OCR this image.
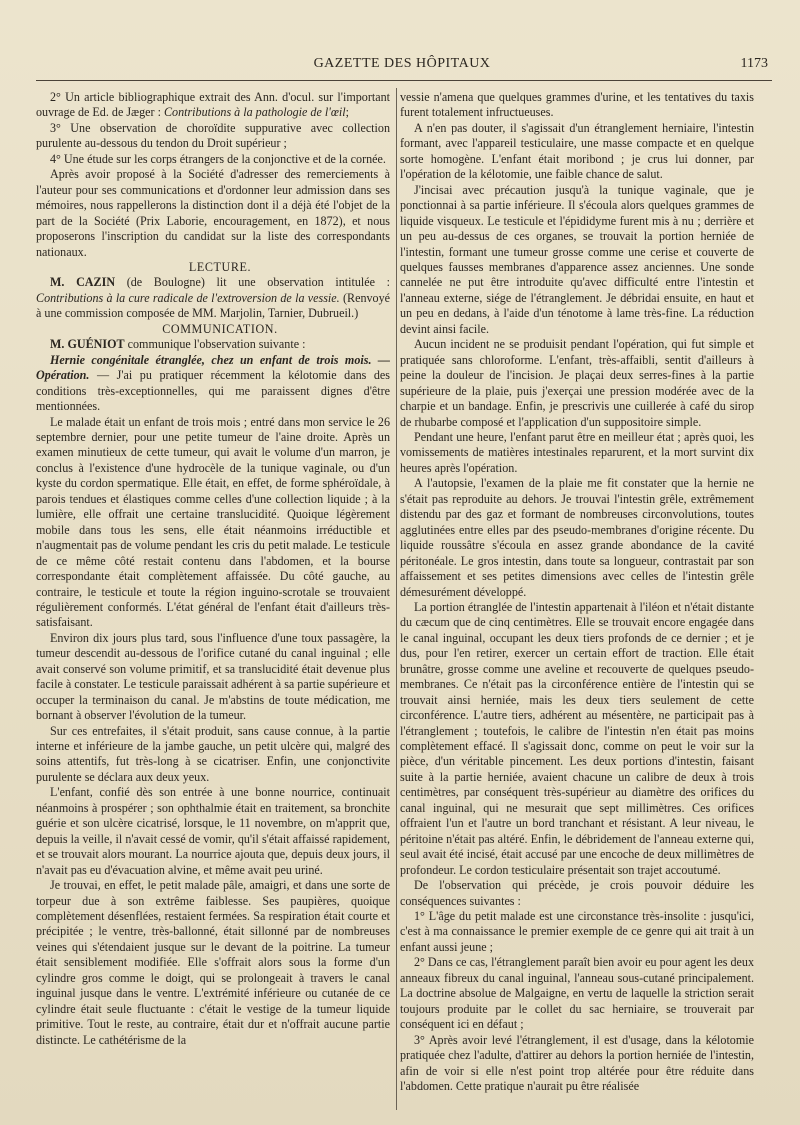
GAZETTE DES HÔPITAUX	1173

2° Un article bibliographique extrait des Ann. d'ocul. sur l'important ouvrage de Ed. de Jæger : Contributions à la pathologie de l'œil;

3° Une observation de choroïdite suppurative avec collection purulente au-dessous du tendon du Droit supérieur ;

4° Une étude sur les corps étrangers de la conjonctive et de la cornée.

Après avoir proposé à la Société d'adresser des remerciements à l'auteur pour ses communications et d'ordonner leur admission dans ses mémoires, nous rappellerons la distinction dont il a déjà été l'objet de la part de la Société (Prix Laborie, encouragement, en 1872), et nous proposerons l'inscription du candidat sur la liste des correspondants nationaux.

LECTURE.

M. CAZIN (de Boulogne) lit une observation intitulée : Contributions à la cure radicale de l'extroversion de la vessie. (Renvoyé à une commission composée de MM. Marjolin, Tarnier, Dubrueil.)

COMMUNICATION.

M. GUÉNIOT communique l'observation suivante :

Hernie congénitale étranglée, chez un enfant de trois mois. — Opération. — J'ai pu pratiquer récemment la kélotomie dans des conditions très-exceptionnelles, qui me paraissent dignes d'être mentionnées.

Le malade était un enfant de trois mois ; entré dans mon service le 26 septembre dernier, pour une petite tumeur de l'aine droite. Après un examen minutieux de cette tumeur, qui avait le volume d'un marron, je conclus à l'existence d'une hydrocèle de la tunique vaginale, ou d'un kyste du cordon spermatique. Elle était, en effet, de forme sphéroïdale, à parois tendues et élastiques comme celles d'une collection liquide ; à la lumière, elle offrait une certaine translucidité. Quoique légèrement mobile dans tous les sens, elle était néanmoins irréductible et n'augmentait pas de volume pendant les cris du petit malade. Le testicule de ce même côté restait contenu dans l'abdomen, et la bourse correspondante était complètement affaissée. Du côté gauche, au contraire, le testicule et toute la région inguino-scrotale se trouvaient régulièrement conformés. L'état général de l'enfant était d'ailleurs très-satisfaisant.

Environ dix jours plus tard, sous l'influence d'une toux passagère, la tumeur descendit au-dessous de l'orifice cutané du canal inguinal ; elle avait conservé son volume primitif, et sa translucidité était devenue plus facile à constater. Le testicule paraissait adhérent à sa partie supérieure et occuper la terminaison du canal. Je m'abstins de toute médication, me bornant à observer l'évolution de la tumeur.

Sur ces entrefaites, il s'était produit, sans cause connue, à la partie interne et inférieure de la jambe gauche, un petit ulcère qui, malgré des soins attentifs, fut très-long à se cicatriser. Enfin, une conjonctivite purulente se déclara aux deux yeux.

L'enfant, confié dès son entrée à une bonne nourrice, continuait néanmoins à prospérer ; son ophthalmie était en traitement, sa bronchite guérie et son ulcère cicatrisé, lorsque, le 11 novembre, on m'apprit que, depuis la veille, il n'avait cessé de vomir, qu'il s'était affaissé rapidement, et se trouvait alors mourant. La nourrice ajouta que, depuis deux jours, il n'avait pas eu d'évacuation alvine, et même avait peu uriné.

Je trouvai, en effet, le petit malade pâle, amaigri, et dans une sorte de torpeur due à son extrême faiblesse. Ses paupières, quoique complètement désenflées, restaient fermées. Sa respiration était courte et précipitée ; le ventre, très-ballonné, était sillonné par de nombreuses veines qui s'étendaient jusque sur le devant de la poitrine. La tumeur était sensiblement modifiée. Elle s'offrait alors sous la forme d'un cylindre gros comme le doigt, qui se prolongeait à travers le canal inguinal jusque dans le ventre. L'extrémité inférieure ou cutanée de ce cylindre était seule fluctuante : c'était le vestige de la tumeur liquide primitive. Tout le reste, au contraire, était dur et n'offrait aucune partie distincte. Le cathétérisme de la

vessie n'amena que quelques grammes d'urine, et les tentatives du taxis furent totalement infructueuses.

A n'en pas douter, il s'agissait d'un étranglement herniaire, l'intestin formant, avec l'appareil testiculaire, une masse compacte et en quelque sorte homogène. L'enfant était moribond ; je crus lui donner, par l'opération de la kélotomie, une faible chance de salut.

J'incisai avec précaution jusqu'à la tunique vaginale, que je ponctionnai à sa partie inférieure. Il s'écoula alors quelques grammes de liquide visqueux. Le testicule et l'épididyme furent mis à nu ; derrière et un peu au-dessus de ces organes, se trouvait la portion herniée de l'intestin, formant une tumeur grosse comme une cerise et couverte de quelques fausses membranes d'apparence assez anciennes. Une sonde cannelée ne put être introduite qu'avec difficulté entre l'intestin et l'anneau externe, siége de l'étranglement. Je débridai ensuite, en haut et un peu en dedans, à l'aide d'un ténotome à lame très-fine. La réduction devint ainsi facile.

Aucun incident ne se produisit pendant l'opération, qui fut simple et pratiquée sans chloroforme. L'enfant, très-affaibli, sentit d'ailleurs à peine la douleur de l'incision. Je plaçai deux serres-fines à la partie supérieure de la plaie, puis j'exerçai une pression modérée avec de la charpie et un bandage. Enfin, je prescrivis une cuillerée à café du sirop de rhubarbe composé et l'application d'un suppositoire simple.

Pendant une heure, l'enfant parut être en meilleur état ; après quoi, les vomissements de matières intestinales reparurent, et la mort survint dix heures après l'opération.

A l'autopsie, l'examen de la plaie me fit constater que la hernie ne s'était pas reproduite au dehors. Je trouvai l'intestin grêle, extrêmement distendu par des gaz et formant de nombreuses circonvolutions, toutes agglutinées entre elles par des pseudo-membranes d'origine récente. Du liquide roussâtre s'écoula en assez grande abondance de la cavité péritonéale. Le gros intestin, dans toute sa longueur, contrastait par son affaissement et ses petites dimensions avec celles de l'intestin grêle démesurément développé.

La portion étranglée de l'intestin appartenait à l'iléon et n'était distante du cæcum que de cinq centimètres. Elle se trouvait encore engagée dans le canal inguinal, occupant les deux tiers profonds de ce dernier ; et je dus, pour l'en retirer, exercer un certain effort de traction. Elle était brunâtre, grosse comme une aveline et recouverte de quelques pseudo-membranes. Ce n'était pas la circonférence entière de l'intestin qui se trouvait ainsi herniée, mais les deux tiers seulement de cette circonférence. L'autre tiers, adhérent au mésentère, ne participait pas à l'étranglement ; toutefois, le calibre de l'intestin n'en était pas moins complètement effacé. Il s'agissait donc, comme on peut le voir sur la pièce, d'un véritable pincement. Les deux portions d'intestin, faisant suite à la partie herniée, avaient chacune un calibre de deux à trois centimètres, par conséquent très-supérieur au diamètre des orifices du canal inguinal, qui ne mesurait que sept millimètres. Ces orifices offraient l'un et l'autre un bord tranchant et résistant. A leur niveau, le péritoine n'était pas altéré. Enfin, le débridement de l'anneau externe qui, seul avait été incisé, était accusé par une encoche de deux millimètres de profondeur. Le cordon testiculaire présentait son trajet accoutumé.

De l'observation qui précède, je crois pouvoir déduire les conséquences suivantes :

1° L'âge du petit malade est une circonstance très-insolite : jusqu'ici, c'est à ma connaissance le premier exemple de ce genre qui ait trait à un enfant aussi jeune ;

2° Dans ce cas, l'étranglement paraît bien avoir eu pour agent les deux anneaux fibreux du canal inguinal, l'anneau sous-cutané principalement. La doctrine absolue de Malgaigne, en vertu de laquelle la striction serait toujours produite par le collet du sac herniaire, se trouverait par conséquent ici en défaut ;

3° Après avoir levé l'étranglement, il est d'usage, dans la kélotomie pratiquée chez l'adulte, d'attirer au dehors la portion herniée de l'intestin, afin de voir si elle n'est point trop altérée pour être réduite dans l'abdomen. Cette pratique n'aurait pu être réalisée
